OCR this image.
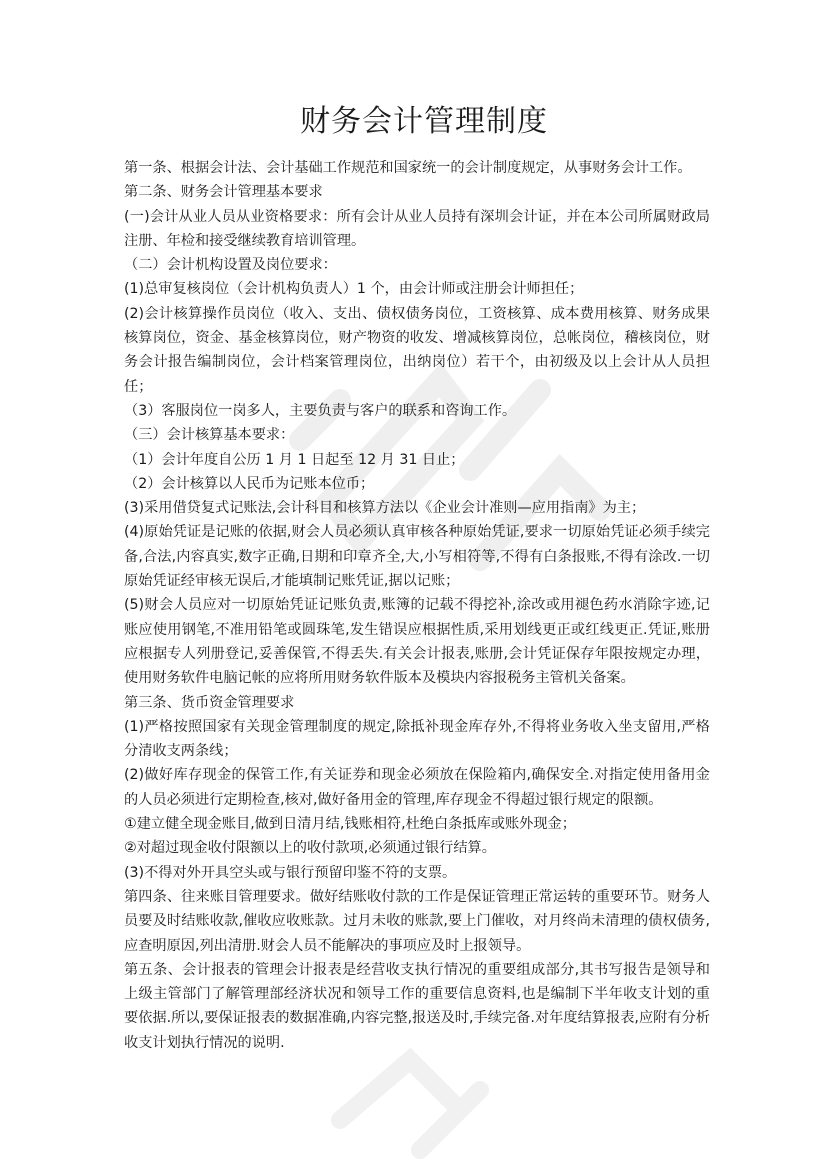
财务会计管理制度

第一条、根据会计法、会计基础工作规范和国家统一的会计制度规定，从事财务会计工作。

第二条、财务会计管理基本要求

(一)会计从业人员从业资格要求：所有会计从业人员持有深圳会计证，并在本公司所属财政局注册、年检和接受继续教育培训管理。

（二）会计机构设置及岗位要求：

(1)总审复核岗位（会计机构负责人）1 个，由会计师或注册会计师担任；

(2)会计核算操作员岗位（收入、支出、债权债务岗位，工资核算、成本费用核算、财务成果核算岗位，资金、基金核算岗位，财产物资的收发、增减核算岗位，总帐岗位，稽核岗位，财务会计报告编制岗位，会计档案管理岗位，出纳岗位）若干个，由初级及以上会计从人员担任；

（3）客服岗位一岗多人，主要负责与客户的联系和咨询工作。

（三）会计核算基本要求：

（1）会计年度自公历 1 月 1 日起至 12 月 31 日止；

（2）会计核算以人民币为记账本位币；

(3)采用借贷复式记账法,会计科目和核算方法以《企业会计准则—应用指南》为主；

(4)原始凭证是记账的依据,财会人员必须认真审核各种原始凭证,要求一切原始凭证必须手续完备,合法,内容真实,数字正确,日期和印章齐全,大,小写相符等,不得有白条报账,不得有涂改.一切原始凭证经审核无误后,才能填制记账凭证,据以记账；

(5)财会人员应对一切原始凭证记账负责,账簿的记载不得挖补,涂改或用褪色药水消除字迹,记账应使用钢笔,不准用铅笔或圆珠笔,发生错误应根据性质,采用划线更正或红线更正.凭证,账册应根据专人列册登记,妥善保管,不得丢失.有关会计报表,账册,会计凭证保存年限按规定办理，使用财务软件电脑记帐的应将所用财务软件版本及模块内容报税务主管机关备案。

第三条、货币资金管理要求

(1)严格按照国家有关现金管理制度的规定,除抵补现金库存外,不得将业务收入坐支留用,严格分清收支两条线；

(2)做好库存现金的保管工作,有关证券和现金必须放在保险箱内,确保安全.对指定使用备用金的人员必须进行定期检查,核对,做好备用金的管理,库存现金不得超过银行规定的限额。

①建立健全现金账目,做到日清月结,钱账相符,杜绝白条抵库或账外现金；

②对超过现金收付限额以上的收付款项,必须通过银行结算。

(3)不得对外开具空头或与银行预留印鉴不符的支票。

第四条、往来账目管理要求。做好结账收付款的工作是保证管理正常运转的重要环节。财务人员要及时结账收款,催收应收账款。过月未收的账款,要上门催收，对月终尚未清理的债权债务,应查明原因,列出清册.财会人员不能解决的事项应及时上报领导。

第五条、会计报表的管理会计报表是经营收支执行情况的重要组成部分,其书写报告是领导和上级主管部门了解管理部经济状况和领导工作的重要信息资料,也是编制下半年收支计划的重要依据.所以,要保证报表的数据准确,内容完整,报送及时,手续完备.对年度结算报表,应附有分析收支计划执行情况的说明.
